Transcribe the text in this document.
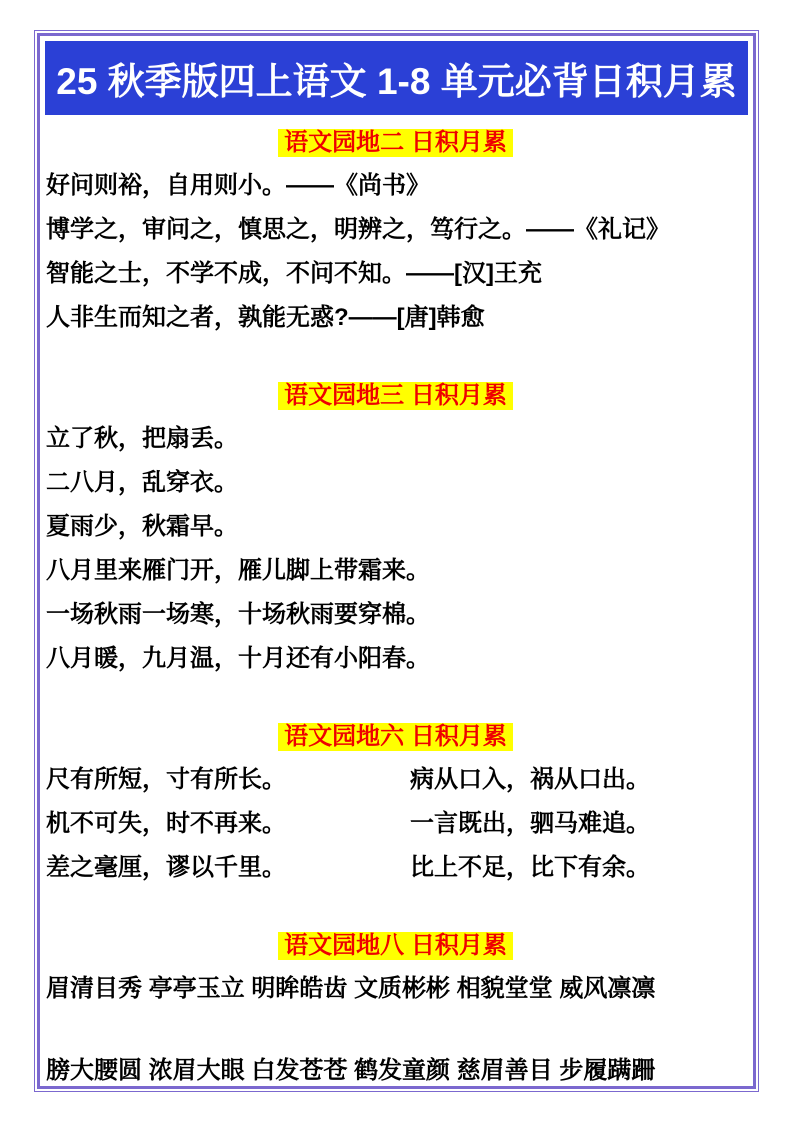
25 秋季版四上语文 1-8 单元必背日积月累
语文园地二 日积月累

好问则裕，自用则小。——《尚书》

博学之，审问之，慎思之，明辨之，笃行之。——《礼记》

智能之士，不学不成，不问不知。——[汉]王充

人非生而知之者，孰能无惑?——[唐]韩愈

语文园地三 日积月累

立了秋，把扇丢。

二八月，乱穿衣。

夏雨少，秋霜早。

八月里来雁门开，雁儿脚上带霜来。

一场秋雨一场寒，十场秋雨要穿棉。

八月暖，九月温，十月还有小阳春。

语文园地六 日积月累

尺有所短，寸有所长。	病从口入，祸从口出。

机不可失，时不再来。	一言既出，驷马难追。

差之毫厘，谬以千里。	比上不足，比下有余。

语文园地八 日积月累

眉清目秀 亭亭玉立 明眸皓齿 文质彬彬 相貌堂堂 威风凛凛

膀大腰圆 浓眉大眼 白发苍苍 鹤发童颜 慈眉善目 步履蹒跚
